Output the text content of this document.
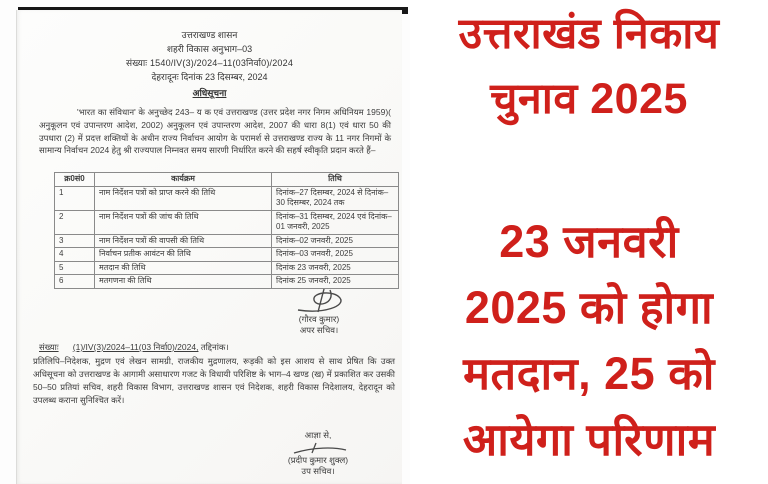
उत्तराखण्ड शासन
शहरी विकास अनुभाग–03
संख्याः 1540/IV(3)/2024–11(03निर्वा0)/2024
देहरादूनः दिनांक 23 दिसम्बर, 2024
अधिसूचना
'भारत का संविधान' के अनुच्छेद 243– य क एवं उत्तराखण्ड (उत्तर प्रदेश नगर निगम अधिनियम 1959)( अनुकूलन एवं उपान्तरण आदेश, 2002) अनुकूलन एवं उपान्तरण आदेश, 2007 की धारा 8(1) एवं धारा 50 की उपधारा (2) में प्रदत्त शक्तियों के अधीन राज्य निर्वाचन आयोग के परामर्श से उत्तराखण्ड राज्य के 11 नगर निगमों के सामान्य निर्वाचन 2024 हेतु श्री राज्यपाल निम्नवत समय सारणी निर्धारित करने की सहर्ष स्वीकृति प्रदान करते हैं–
क्र0सं0	कार्यक्रम	तिथि
1	नाम निर्देशन पत्रों को प्राप्त करने की तिथि	दिनांक–27 दिसम्बर, 2024 से दिनांक–30 दिसम्बर, 2024 तक
2	नाम निर्देशन पत्रों की जांच की तिथि	दिनांक–31 दिसम्बर, 2024 एवं दिनांक–01 जनवरी, 2025
3	नाम निर्देशन पत्रों की वापसी की तिथि	दिनांक–02 जनवरी, 2025
4	निर्वाचन प्रतीक आवंटन की तिथि	दिनांक–03 जनवरी, 2025
5	मतदान की तिथि	दिनांक 23 जनवरी, 2025
6	मतगणना की तिथि	दिनांक 25 जनवरी, 2025
(गौरव कुमार)
अपर सचिव।
संख्याः (1)/IV(3)/2024–11(03 निर्वा0)/2024, तद्दिनांक।
प्रतिलिपि–निदेशक, मुद्रण एवं लेखन सामग्री, राजकीय मुद्रणालय, रूड़की को इस आशय से साथ प्रेषित कि उक्त अधिसूचना को उत्तराखण्ड के आगामी असाधारण गजट के विधायी परिशिष्ट के भाग–4 खण्ड (ख) में प्रकाशित कर उसकी 50–50 प्रतियां सचिव, शहरी विकास विभाग, उत्तराखण्ड शासन एवं निदेशक, शहरी विकास निदेशालय, देहरादून को उपलब्ध कराना सुनिश्चित करें।
आज्ञा से,
(प्रदीप कुमार शुक्ल)
उप सचिव।
उत्तराखंड निकाय
चुनाव 2025
23 जनवरी
2025 को होगा
मतदान, 25 को
आयेगा परिणाम
